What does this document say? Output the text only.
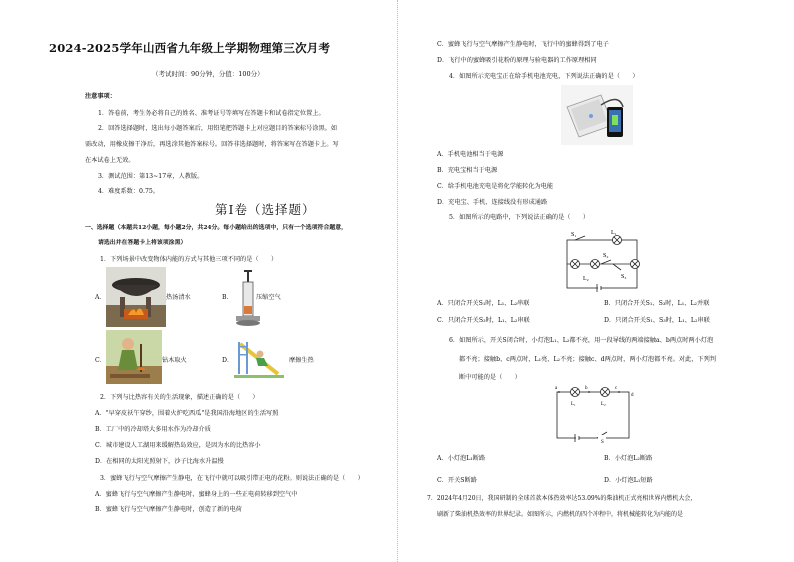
2024-2025学年山西省九年级上学期物理第三次月考
（考试时间：90分钟，分值：100分）
注意事项：
1．答卷前，考生务必将自己的姓名、准考证号等填写在答题卡和试卷指定位置上。
2．回答选择题时，选出每小题答案后，用铅笔把答题卡上对应题目的答案标号涂黑。如
需改动，用橡皮擦干净后，再选涂其他答案标号。回答非选择题时，将答案写在答题卡上。写
在本试卷上无效。
3．测试范围：第13~17章，人教版。
4．难度系数：0.75。
第Ⅰ卷（选择题）
一、选择题（本题共12小题，每小题2分，共24分。每小题给出的选项中，只有一个选项符合题意，
请选出并在答题卡上将该项涂黑）
1．下列场景中改变物体内能的方式与其他三项不同的是（　　）
A．	热汤清水	B．	压缩空气
C．	钻木取火	D．	摩擦生热
2．下列与比热容有关的生活现象，描述正确的是（　　）
A．"早穿皮袄午穿纱，围着火炉吃西瓜"是我国沿海地区的生活写照
B．工厂中的冷却塔大多用水作为冷却介质
C．城市建设人工湖用来缓解热岛效应，是因为水的比热容小
D．在相同的太阳光照射下，沙子比海水升温慢
3．蜜蜂飞行与空气摩擦产生静电，在飞行中就可以吸引带正电的花粉。则说法正确的是（　　）
A．蜜蜂飞行与空气摩擦产生静电时，蜜蜂身上的一些正电荷转移到空气中
B．蜜蜂飞行与空气摩擦产生静电时，创造了新的电荷
C．蜜蜂飞行与空气摩擦产生静电时，飞行中的蜜蜂得到了电子
D．飞行中的蜜蜂吸引花粉的原理与验电器的工作原理相同
4．如图所示充电宝正在给手机电池充电，下列说法正确的是（　　）
A．手机电池相当于电源
B．充电宝相当于电源
C．给手机电池充电是将化学能转化为电能
D．充电宝、手机、连接线没有形成通路
5．如图所示的电路中，下列说法正确的是（　　）
S₁	L₁
S₂
L₂	S₃
A．只闭合开关S₁时，L₁、L₂串联	B．只闭合开关S₁、S₃时，L₁、L₂并联
C．只闭合开关S₃时，L₁、L₂串联	D．只闭合开关S₁、S₃时，L₁、L₂串联
6．如图所示，开关S闭合时，小灯泡L₁、L₂都不亮，用一段导线的两端接触a、b两点时两小灯泡
都不亮；接触b、c两点时，L₁亮、L₂不亮；接触c、d两点时，两小灯泡都不亮。对此，下列判
断中可能的是（　　）
a	b	c
d
L₁	L₂
S
A．小灯泡L₁断路	B．小灯泡L₂断路
C．开关S断路	D．小灯泡L₁短路
7．2024年4月20日，我国研制的全球首款本体热效率达53.09%的柴油机正式亮相世界内燃机大会，
刷新了柴油机热效率的世界纪录。如图所示，内燃机的四个冲程中，将机械能转化为内能的是
